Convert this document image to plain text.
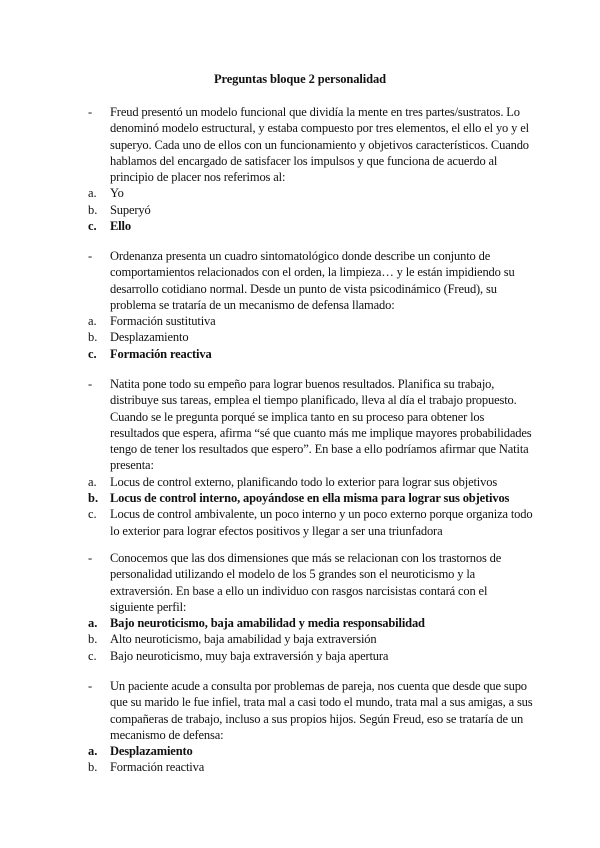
Preguntas bloque 2 personalidad
-	Freud presentó un modelo funcional que dividía la mente en tres partes/sustratos. Lo denominó modelo estructural, y estaba compuesto por tres elementos, el ello el yo y el superyo. Cada uno de ellos con un funcionamiento y objetivos característicos. Cuando hablamos del encargado de satisfacer los impulsos y que funciona de acuerdo al principio de placer nos referimos al:
a.	Yo
b.	Superyó
c.	Ello
-	Ordenanza presenta un cuadro sintomatológico donde describe un conjunto de comportamientos relacionados con el orden, la limpieza… y le están impidiendo su desarrollo cotidiano normal. Desde un punto de vista psicodinámico (Freud), su problema se trataría de un mecanismo de defensa llamado:
a.	Formación sustitutiva
b.	Desplazamiento
c.	Formación reactiva
-	Natita pone todo su empeño para lograr buenos resultados. Planifica su trabajo, distribuye sus tareas, emplea el tiempo planificado, lleva al día el trabajo propuesto. Cuando se le pregunta porqué se implica tanto en su proceso para obtener los resultados que espera, afirma “sé que cuanto más me implique mayores probabilidades tengo de tener los resultados que espero”. En base a ello podríamos afirmar que Natita presenta:
a.	Locus de control externo, planificando todo lo exterior para lograr sus objetivos
b. Locus de control interno, apoyándose en ella misma para lograr sus objetivos
c.	Locus de control ambivalente, un poco interno y un poco externo porque organiza todo lo exterior para lograr efectos positivos y llegar a ser una triunfadora
-	Conocemos que las dos dimensiones que más se relacionan con los trastornos de personalidad utilizando el modelo de los 5 grandes son el neuroticismo y la extraversión. En base a ello un individuo con rasgos narcisistas contará con el siguiente perfil:
a.	Bajo neuroticismo, baja amabilidad y media responsabilidad
b.	Alto neuroticismo, baja amabilidad y baja extraversión
c.	Bajo neuroticismo, muy baja extraversión y baja apertura
-	Un paciente acude a consulta por problemas de pareja, nos cuenta que desde que supo que su marido le fue infiel, trata mal a casi todo el mundo, trata mal a sus amigas, a sus compañeras de trabajo, incluso a sus propios hijos. Según Freud, eso se trataría de un mecanismo de defensa:
a.	Desplazamiento
b.	Formación reactiva
